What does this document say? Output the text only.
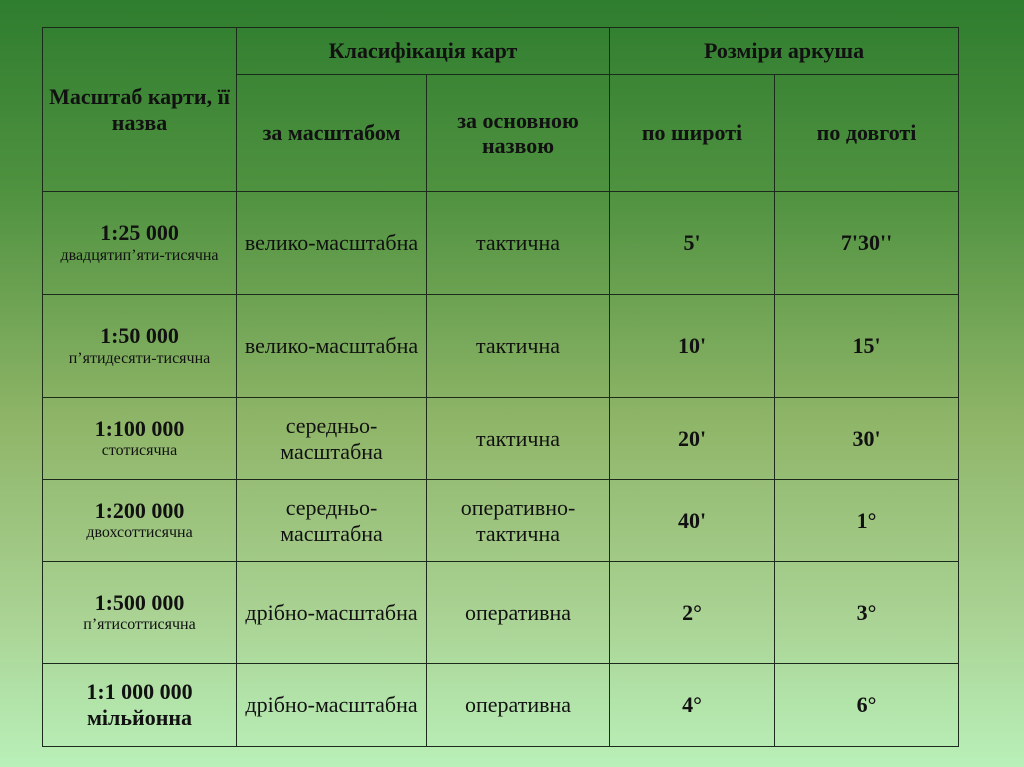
Масштаб карти, її назва	Класифікація карт		Розміри аркуша	
	за масштабом	за основною назвою	по широті	по довготі

1:25 000
двадцятип’яти-тисячна	велико-масштабна	тактична	5'	7'30''

1:50 000
п’ятидесяти-тисячна	велико-масштабна	тактична	10'	15'

1:100 000
стотисячна	середньо-масштабна	тактична	20'	30'

1:200 000
двохсоттисячна	середньо-масштабна	оперативно-тактична	40'	1°

1:500 000
п’ятисоттисячна	дрібно-масштабна	оперативна	2°	3°

1:1 000 000
мільйонна	дрібно-масштабна	оперативна	4°	6°
